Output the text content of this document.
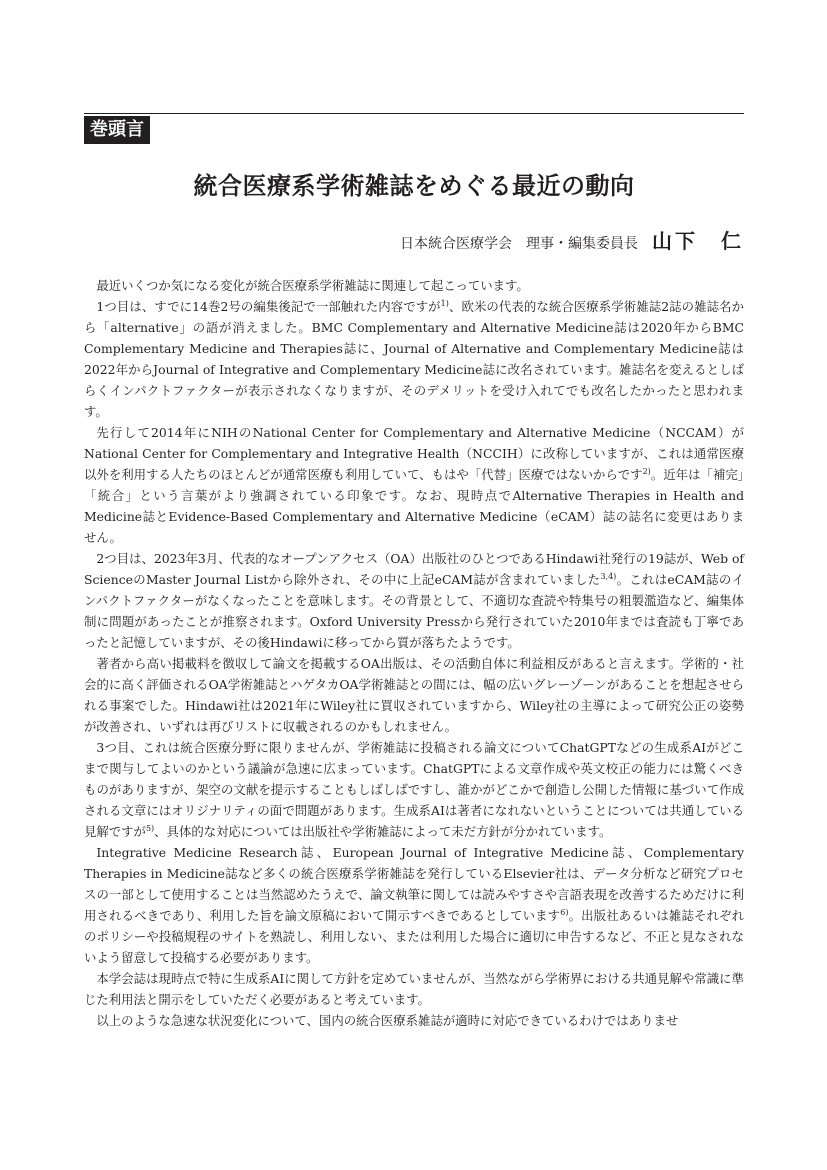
巻頭言
統合医療系学術雑誌をめぐる最近の動向
日本統合医療学会　理事・編集委員長 山下　仁

最近いくつか気になる変化が統合医療系学術雑誌に関連して起こっています。

1つ目は、すでに14巻2号の編集後記で一部触れた内容ですが$^{1)}$、欧米の代表的な統合医療系学術雑誌2誌の雑誌名から「alternative」の語が消えました。BMC Complementary and Alternative Medicine誌は2020年からBMC Complementary Medicine and Therapies誌に、Journal of Alternative and Complementary Medicine誌は2022年からJournal of Integrative and Complementary Medicine誌に改名されています。雑誌名を変えるとしばらくインパクトファクターが表示されなくなりますが、そのデメリットを受け入れてでも改名したかったと思われます。

先行して2014年にNIHのNational Center for Complementary and Alternative Medicine（NCCAM）がNational Center for Complementary and Integrative Health（NCCIH）に改称していますが、これは通常医療以外を利用する人たちのほとんどが通常医療も利用していて、もはや「代替」医療ではないからです$^{2)}$。近年は「補完」「統合」という言葉がより強調されている印象です。なお、現時点でAlternative Therapies in Health and Medicine誌とEvidence-Based Complementary and Alternative Medicine（eCAM）誌の誌名に変更はありません。

2つ目は、2023年3月、代表的なオープンアクセス（OA）出版社のひとつであるHindawi社発行の19誌が、Web of ScienceのMaster Journal Listから除外され、その中に上記eCAM誌が含まれていました$^{3,4)}$。これはeCAM誌のインパクトファクターがなくなったことを意味します。その背景として、不適切な査読や特集号の粗製濫造など、編集体制に問題があったことが推察されます。Oxford University Pressから発行されていた2010年までは査読も丁寧であったと記憶していますが、その後Hindawiに移ってから質が落ちたようです。

著者から高い掲載料を徴収して論文を掲載するOA出版は、その活動自体に利益相反があると言えます。学術的・社会的に高く評価されるOA学術雑誌とハゲタカOA学術雑誌との間には、幅の広いグレーゾーンがあることを想起させられる事案でした。Hindawi社は2021年にWiley社に買収されていますから、Wiley社の主導によって研究公正の姿勢が改善され、いずれは再びリストに収載されるのかもしれません。

3つ目、これは統合医療分野に限りませんが、学術雑誌に投稿される論文についてChatGPTなどの生成系AIがどこまで関与してよいのかという議論が急速に広まっています。ChatGPTによる文章作成や英文校正の能力には驚くべきものがありますが、架空の文献を提示することもしばしばですし、誰かがどこかで創造し公開した情報に基づいて作成される文章にはオリジナリティの面で問題があります。生成系AIは著者になれないということについては共通している見解ですが$^{5)}$、具体的な対応については出版社や学術雑誌によって未だ方針が分かれています。

Integrative Medicine Research誌、European Journal of Integrative Medicine誌、Complementary Therapies in Medicine誌など多くの統合医療系学術雑誌を発行しているElsevier社は、データ分析など研究プロセスの一部として使用することは当然認めたうえで、論文執筆に関しては読みやすさや言語表現を改善するためだけに利用されるべきであり、利用した旨を論文原稿において開示すべきであるとしています$^{6)}$。出版社あるいは雑誌それぞれのポリシーや投稿規程のサイトを熟読し、利用しない、または利用した場合に適切に申告するなど、不正と見なされないよう留意して投稿する必要があります。

本学会誌は現時点で特に生成系AIに関して方針を定めていませんが、当然ながら学術界における共通見解や常識に準じた利用法と開示をしていただく必要があると考えています。

以上のような急速な状況変化について、国内の統合医療系雑誌が適時に対応できているわけではありませ
